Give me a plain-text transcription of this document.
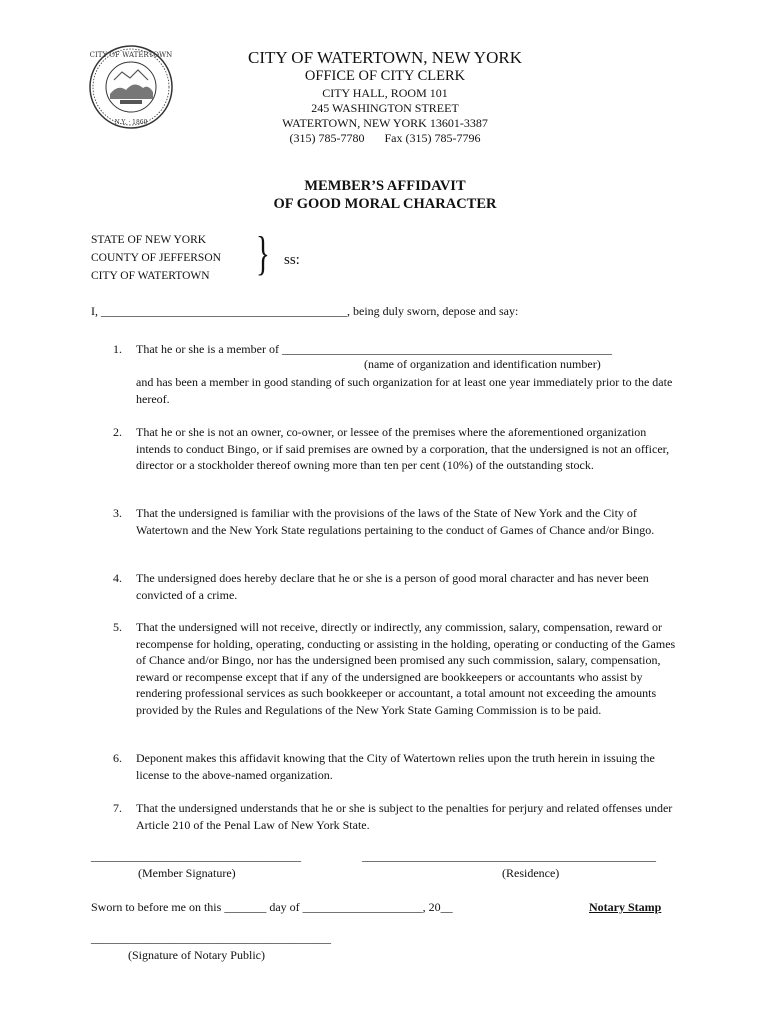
CITY OF WATERTOWN
N.Y. · 1869
CITY OF WATERTOWN, NEW YORK
OFFICE OF CITY CLERK
CITY HALL, ROOM 101
245 WASHINGTON STREET
WATERTOWN, NEW YORK 13601-3387
(315) 785-7780 Fax (315) 785-7796
MEMBER’S AFFIDAVIT
OF GOOD MORAL CHARACTER
STATE OF NEW YORK
COUNTY OF JEFFERSON
CITY OF WATERTOWN } ss:
I, _________________________________________, being duly sworn, depose and say:
1. That he or she is a member of _______________________________________________________
(name of organization and identification number)
and has been a member in good standing of such organization for at least one year immediately prior to the date hereof.
2. That he or she is not an owner, co-owner, or lessee of the premises where the aforementioned organization intends to conduct Bingo, or if said premises are owned by a corporation, that the undersigned is not an officer, director or a stockholder thereof owning more than ten per cent (10%) of the outstanding stock.
3. That the undersigned is familiar with the provisions of the laws of the State of New York and the City of Watertown and the New York State regulations pertaining to the conduct of Games of Chance and/or Bingo.
4. The undersigned does hereby declare that he or she is a person of good moral character and has never been convicted of a crime.
5. That the undersigned will not receive, directly or indirectly, any commission, salary, compensation, reward or recompense for holding, operating, conducting or assisting in the holding, operating or conducting of the Games of Chance and/or Bingo, nor has the undersigned been promised any such commission, salary, compensation, reward or recompense except that if any of the undersigned are bookkeepers or accountants who assist by rendering professional services as such bookkeeper or accountant, a total amount not exceeding the amounts provided by the Rules and Regulations of the New York State Gaming Commission is to be paid.
6. Deponent makes this affidavit knowing that the City of Watertown relies upon the truth herein in issuing the license to the above-named organization.
7. That the undersigned understands that he or she is subject to the penalties for perjury and related offenses under Article 210 of the Penal Law of New York State.
___________________________________
(Member Signature)
_________________________________________________
(Residence)
Sworn to before me on this _______ day of ____________________, 20__	Notary Stamp
________________________________________
(Signature of Notary Public)
